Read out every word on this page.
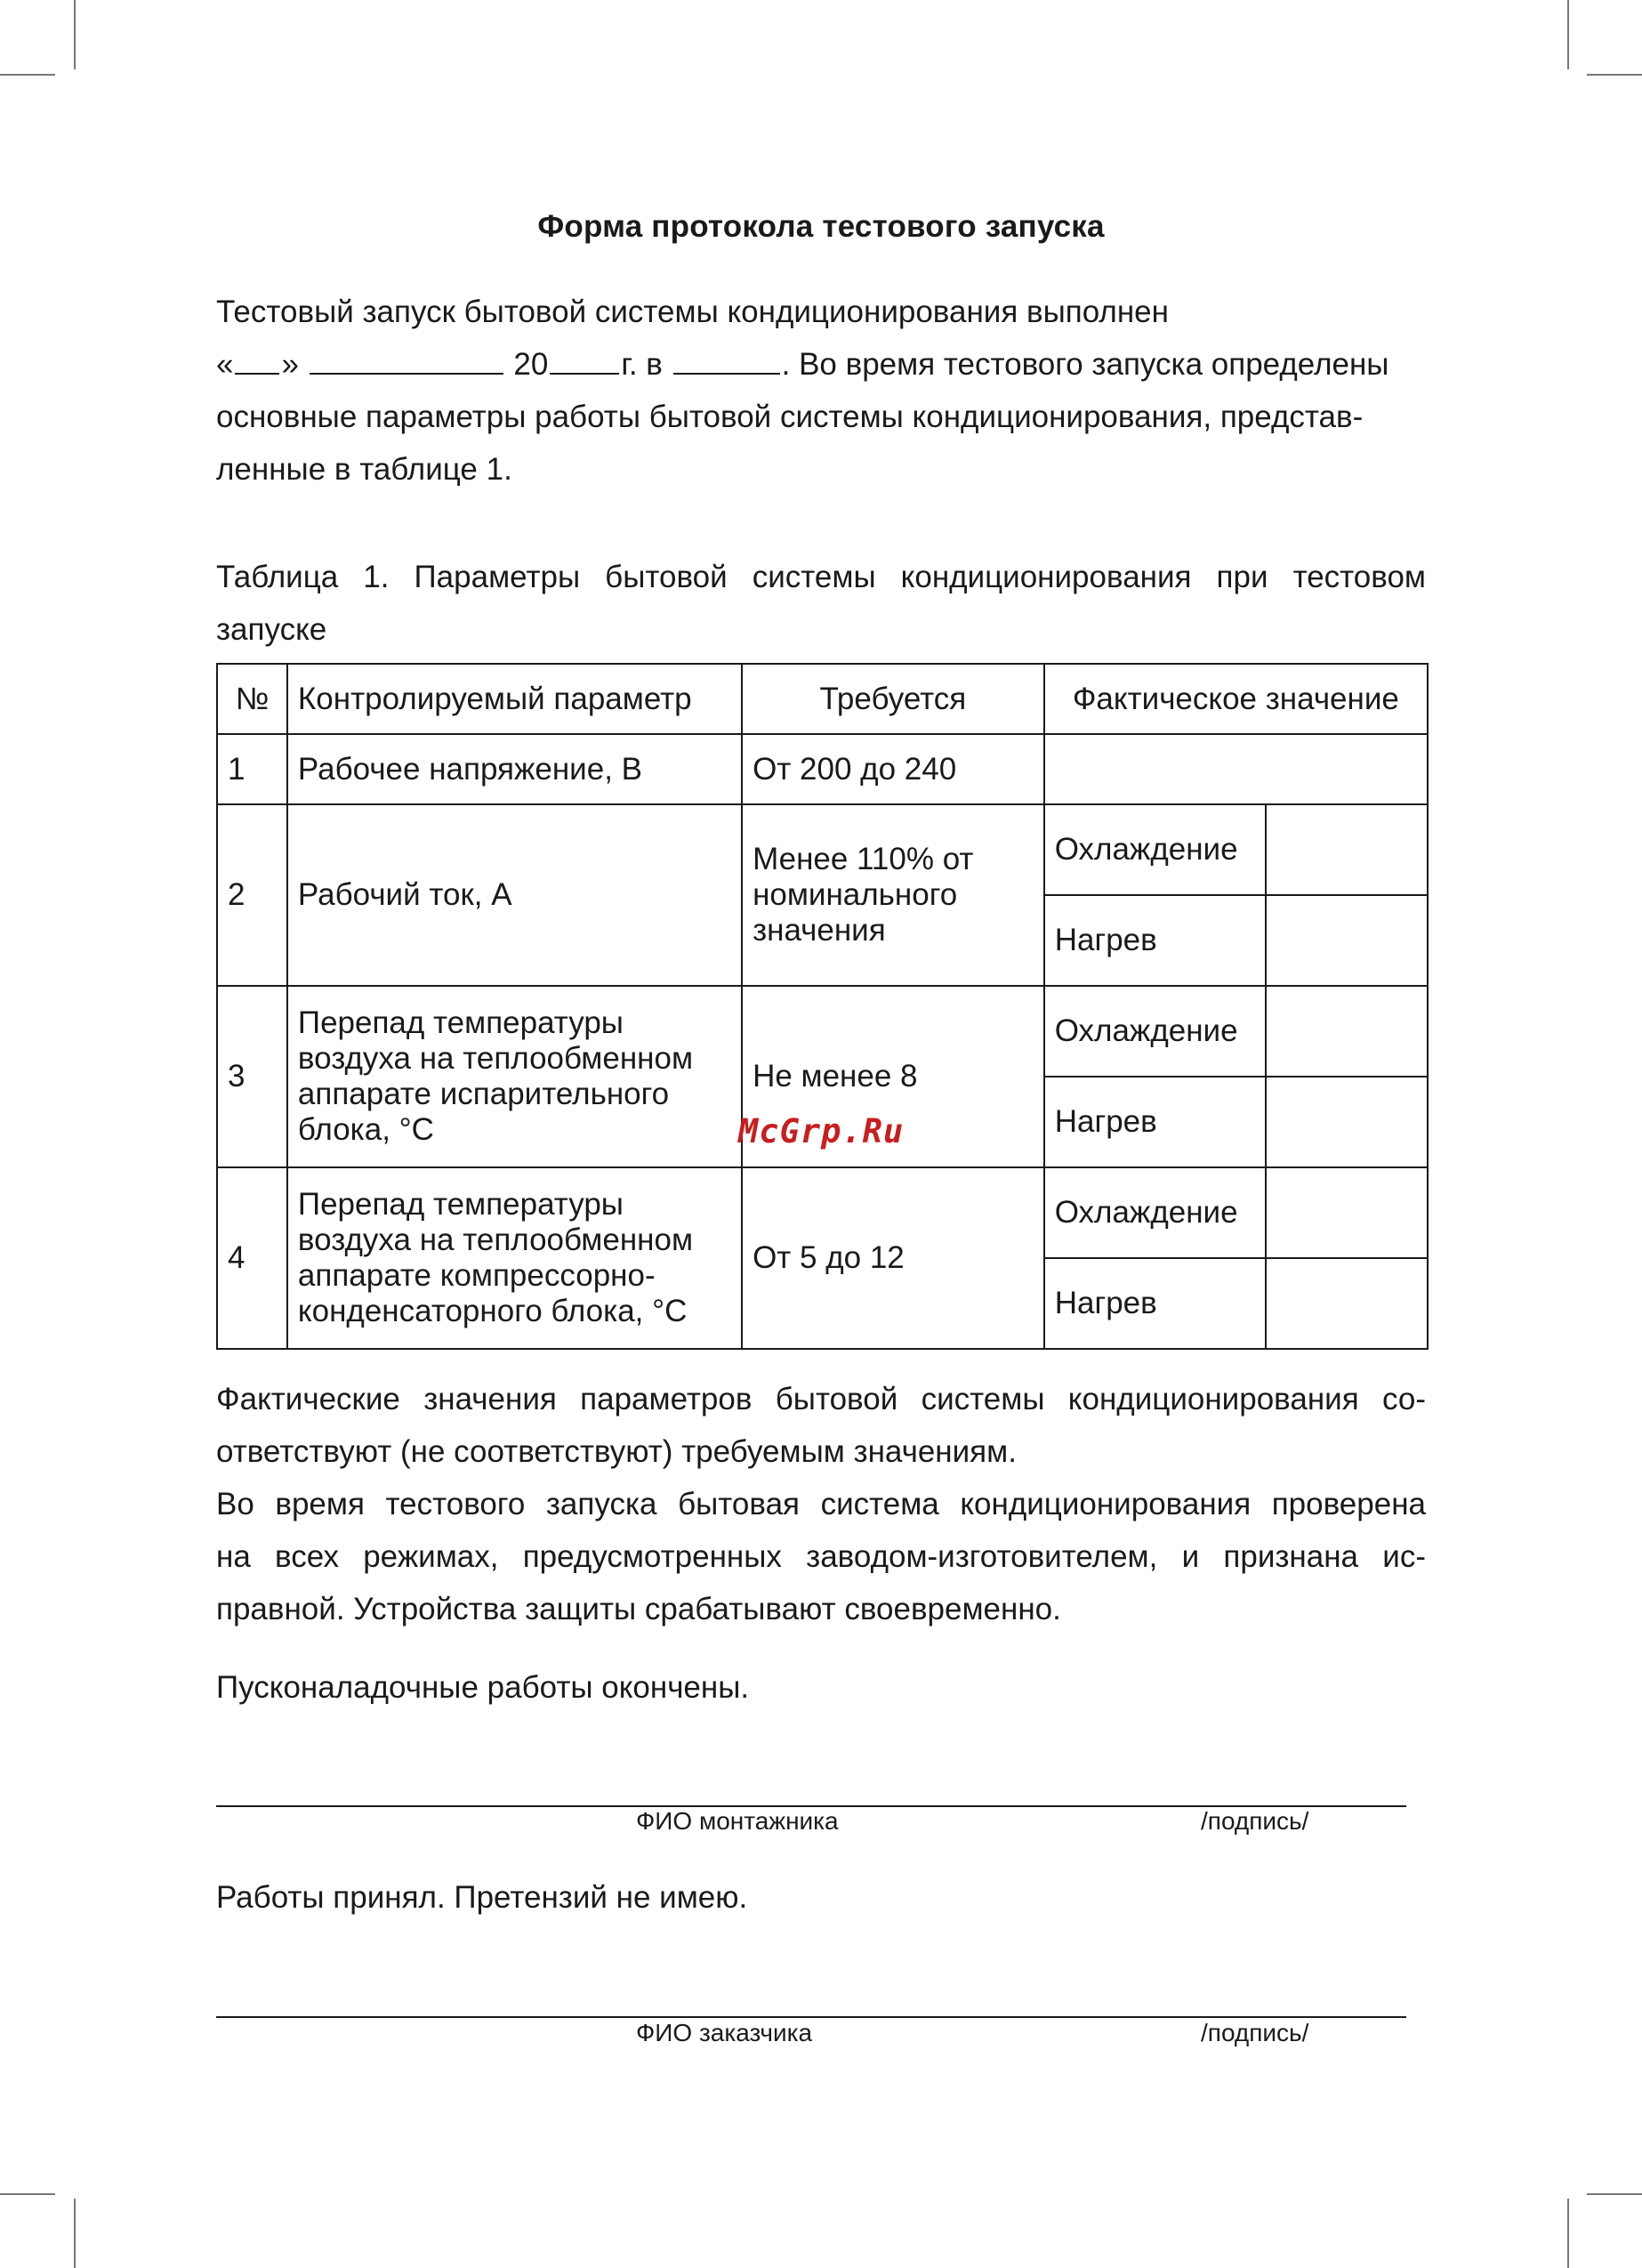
Форма протокола тестового запуска

Тестовый запуск бытовой системы кондиционирования выполнен

« »	20 г. в	. Во время тестового запуска определены

основные параметры работы бытовой системы кондиционирования, представ-

ленные в таблице 1.

Таблица 1. Параметры бытовой системы кондиционирования при тестовом

запуске

№	Контролируемый параметр	Требуется	Фактическое значение	
1	Рабочее напряжение, В	От 200 до 240		
2	Рабочий ток, А	Менее 110% от номинального значения	Охлаждение	
			Нагрев	
3	Перепад температуры воздуха на теплообменном аппарате испарительного блока, °С	Не менее 8	Охлаждение	
			Нагрев	
4	Перепад температуры воздуха на теплообменном аппарате компрессорно-конденсаторного блока, °С	От 5 до 12	Охлаждение	
			Нагрев	
McGrp.Ru

Фактические значения параметров бытовой системы кондиционирования со-

ответствуют (не соответствуют) требуемым значениям.

Во время тестового запуска бытовая система кондиционирования проверена

на всех режимах, предусмотренных заводом-изготовителем, и признана ис-

правной. Устройства защиты срабатывают своевременно.

Пусконаладочные работы окончены.
ФИО монтажника	/подпись/
Работы принял. Претензий не имею.
ФИО заказчика	/подпись/
